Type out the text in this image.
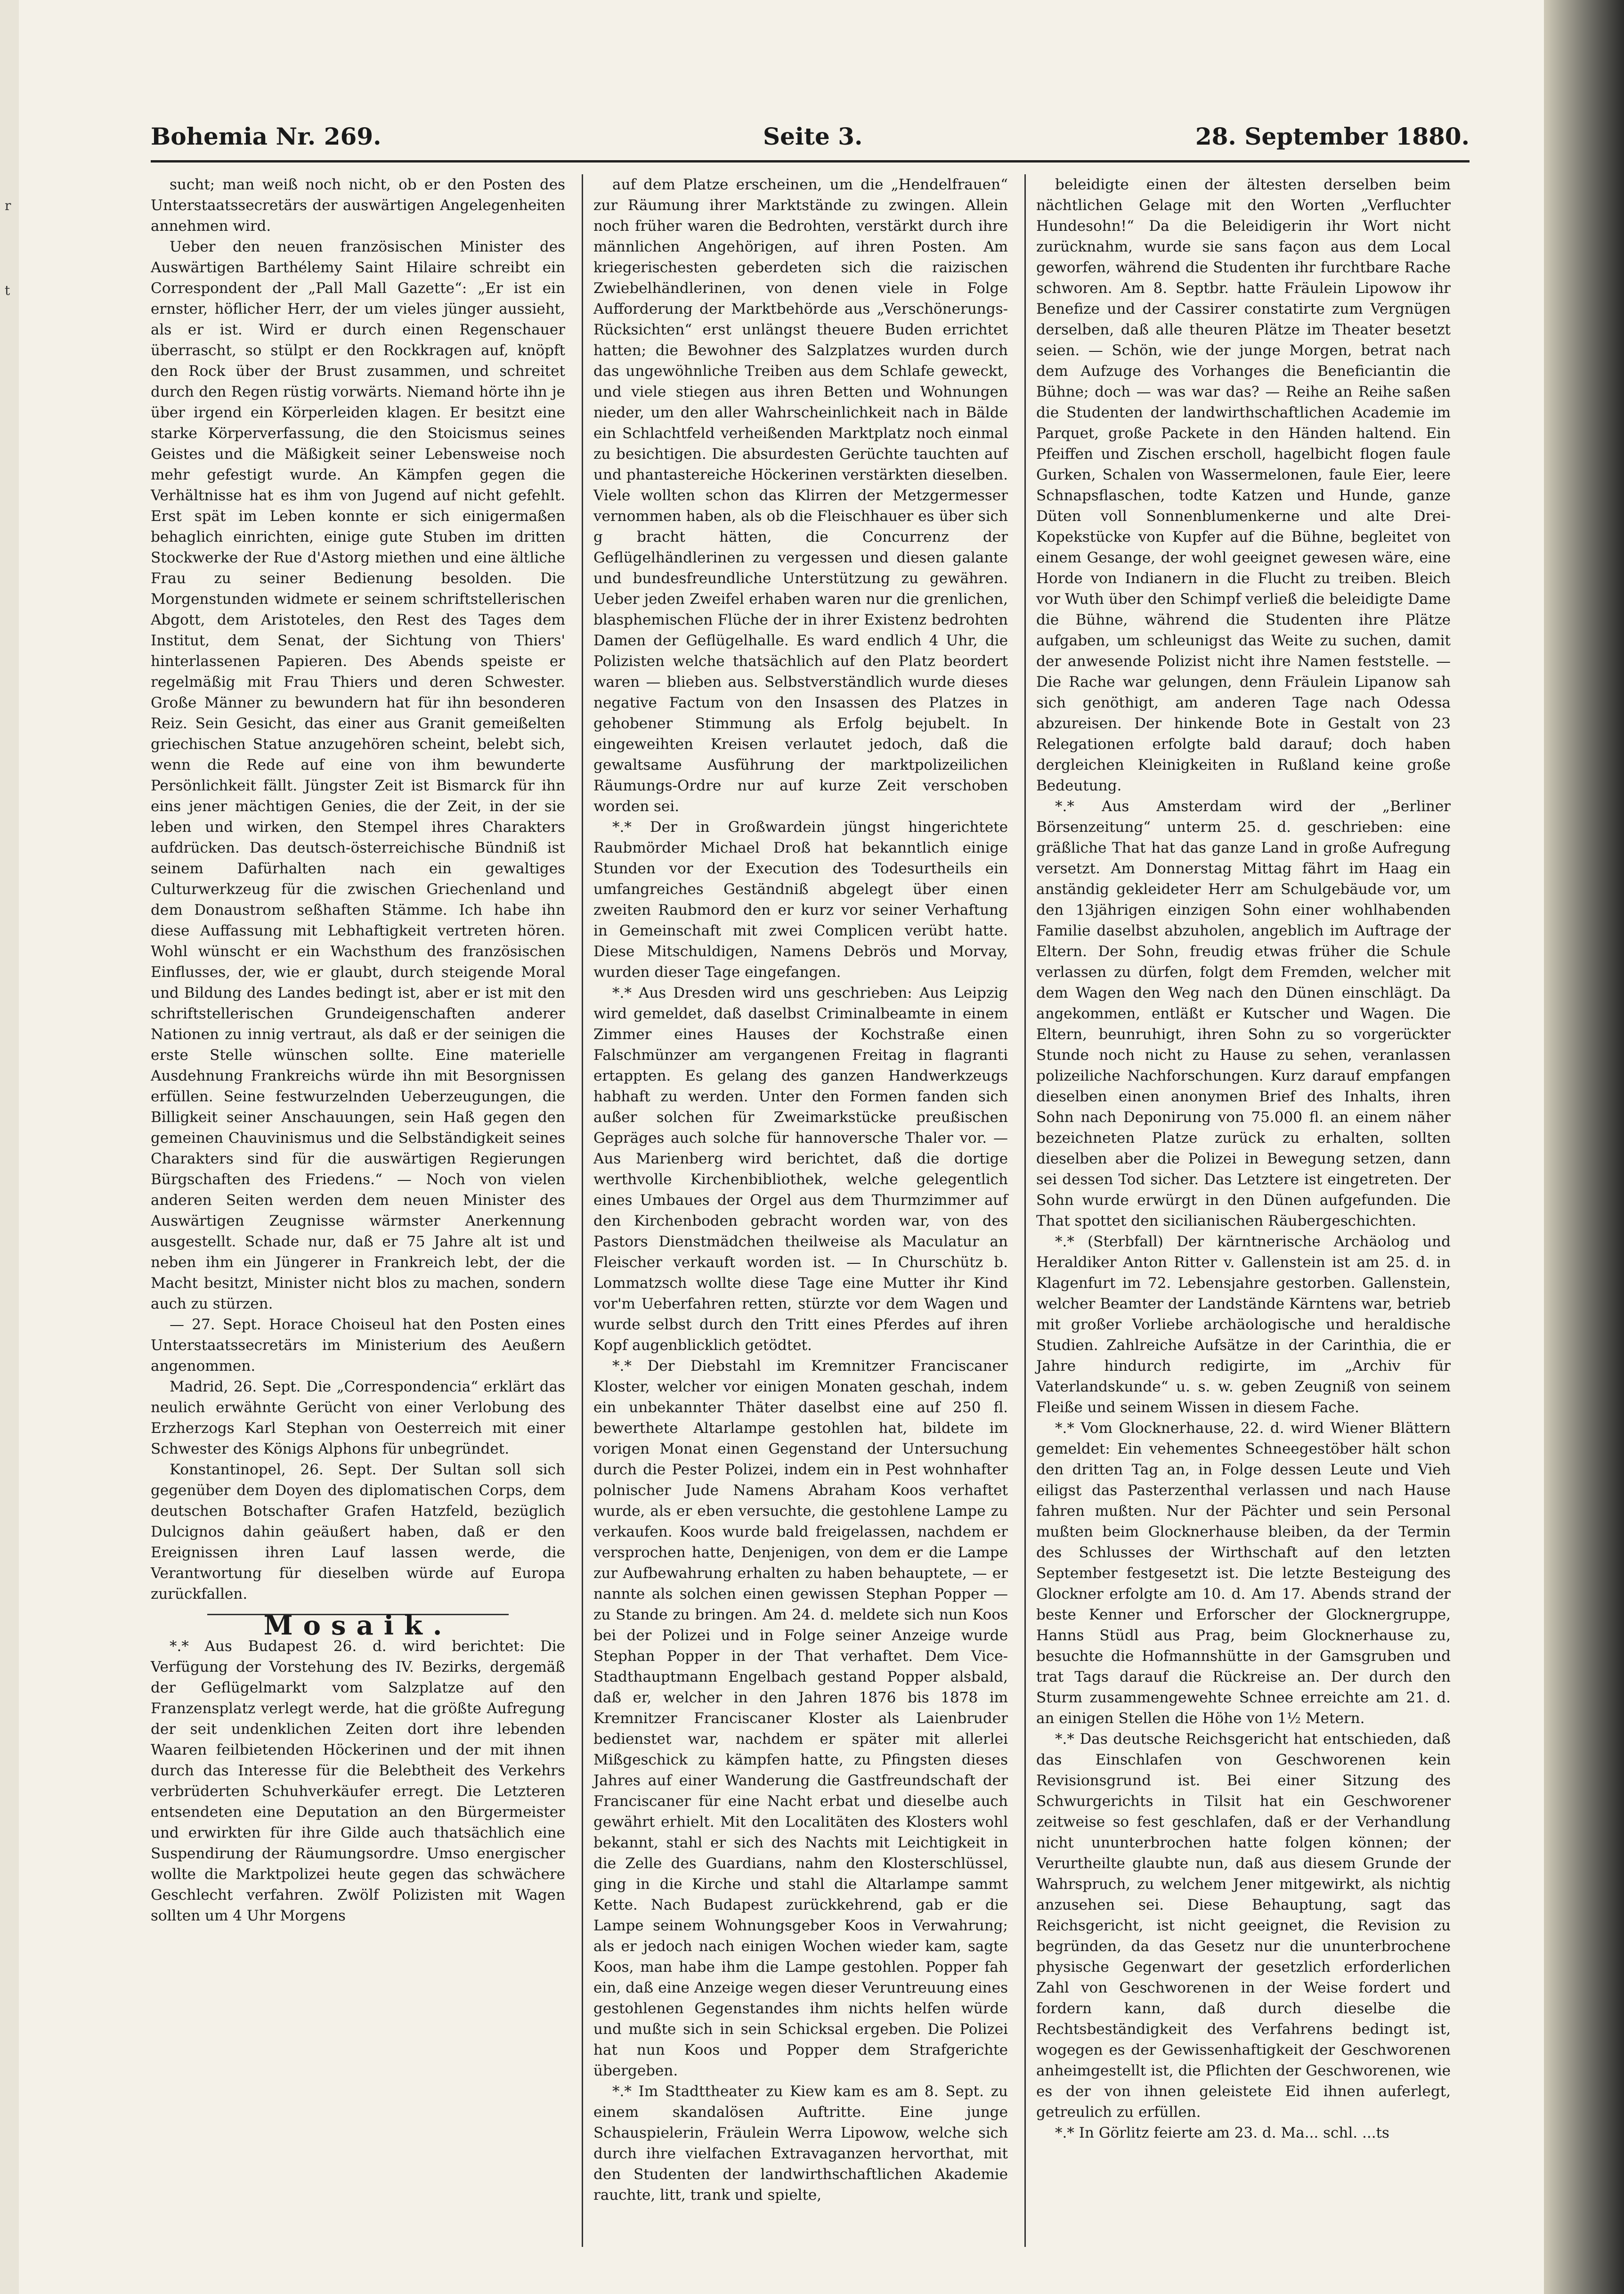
r
t
Bohemia Nr. 269.	Seite 3.	28. September 1880.

sucht; man weiß noch nicht, ob er den Posten des Unterstaatssecretärs der auswärtigen Angelegenheiten annehmen wird.

Ueber den neuen französischen Minister des Auswärtigen Barthélemy Saint Hilaire schreibt ein Correspondent der „Pall Mall Gazette“: „Er ist ein ernster, höflicher Herr, der um vieles jünger aussieht, als er ist. Wird er durch einen Regenschauer überrascht, so stülpt er den Rockkragen auf, knöpft den Rock über der Brust zusammen, und schreitet durch den Regen rüstig vorwärts. Niemand hörte ihn je über irgend ein Körperleiden klagen. Er besitzt eine starke Körperverfassung, die den Stoicismus seines Geistes und die Mäßigkeit seiner Lebensweise noch mehr gefestigt wurde. An Kämpfen gegen die Verhältnisse hat es ihm von Jugend auf nicht gefehlt. Erst spät im Leben konnte er sich einigermaßen behaglich einrichten, einige gute Stuben im dritten Stockwerke der Rue d'Astorg miethen und eine ältliche Frau zu seiner Bedienung besolden. Die Morgenstunden widmete er seinem schriftstellerischen Abgott, dem Aristoteles, den Rest des Tages dem Institut, dem Senat, der Sichtung von Thiers' hinterlassenen Papieren. Des Abends speiste er regelmäßig mit Frau Thiers und deren Schwester. Große Männer zu bewundern hat für ihn besonderen Reiz. Sein Gesicht, das einer aus Granit gemeißelten griechischen Statue anzugehören scheint, belebt sich, wenn die Rede auf eine von ihm bewunderte Persönlichkeit fällt. Jüngster Zeit ist Bismarck für ihn eins jener mächtigen Genies, die der Zeit, in der sie leben und wirken, den Stempel ihres Charakters aufdrücken. Das deutsch-österreichische Bündniß ist seinem Dafürhalten nach ein gewaltiges Culturwerkzeug für die zwischen Griechenland und dem Donaustrom seßhaften Stämme. Ich habe ihn diese Auffassung mit Lebhaftigkeit vertreten hören. Wohl wünscht er ein Wachsthum des französischen Einflusses, der, wie er glaubt, durch steigende Moral und Bildung des Landes bedingt ist, aber er ist mit den schriftstellerischen Grundeigenschaften anderer Nationen zu innig vertraut, als daß er der seinigen die erste Stelle wünschen sollte. Eine materielle Ausdehnung Frankreichs würde ihn mit Besorgnissen erfüllen. Seine festwurzelnden Ueberzeugungen, die Billigkeit seiner Anschauungen, sein Haß gegen den gemeinen Chauvinismus und die Selbständigkeit seines Charakters sind für die auswärtigen Regierungen Bürgschaften des Friedens.“ — Noch von vielen anderen Seiten werden dem neuen Minister des Auswärtigen Zeugnisse wärmster Anerkennung ausgestellt. Schade nur, daß er 75 Jahre alt ist und neben ihm ein Jüngerer in Frankreich lebt, der die Macht besitzt, Minister nicht blos zu machen, sondern auch zu stürzen.

— 27. Sept. Horace Choiseul hat den Posten eines Unterstaatssecretärs im Ministerium des Aeußern angenommen.

Madrid, 26. Sept. Die „Correspondencia“ erklärt das neulich erwähnte Gerücht von einer Verlobung des Erzherzogs Karl Stephan von Oesterreich mit einer Schwester des Königs Alphons für unbegründet.

Konstantinopel, 26. Sept. Der Sultan soll sich gegenüber dem Doyen des diplomatischen Corps, dem deutschen Botschafter Grafen Hatzfeld, bezüglich Dulcignos dahin geäußert haben, daß er den Ereignissen ihren Lauf lassen werde, die Verantwortung für dieselben würde auf Europa zurückfallen.

Mosaik.

*.* Aus Budapest 26. d. wird berichtet: Die Verfügung der Vorstehung des IV. Bezirks, dergemäß der Geflügelmarkt vom Salzplatze auf den Franzensplatz verlegt werde, hat die größte Aufregung der seit undenklichen Zeiten dort ihre lebenden Waaren feilbietenden Höckerinen und der mit ihnen durch das Interesse für die Belebtheit des Verkehrs verbrüderten Schuhverkäufer erregt. Die Letzteren entsendeten eine Deputation an den Bürgermeister und erwirkten für ihre Gilde auch thatsächlich eine Suspendirung der Räumungsordre. Umso energischer wollte die Marktpolizei heute gegen das schwächere Geschlecht verfahren. Zwölf Polizisten mit Wagen sollten um 4 Uhr Morgens

auf dem Platze erscheinen, um die „Hendelfrauen“ zur Räumung ihrer Marktstände zu zwingen. Allein noch früher waren die Bedrohten, verstärkt durch ihre männlichen Angehörigen, auf ihren Posten. Am kriegerischesten geberdeten sich die raizischen Zwiebelhändlerinen, von denen viele in Folge Aufforderung der Marktbehörde aus „Verschönerungs-Rücksichten“ erst unlängst theuere Buden errichtet hatten; die Bewohner des Salzplatzes wurden durch das ungewöhnliche Treiben aus dem Schlafe geweckt, und viele stiegen aus ihren Betten und Wohnungen nieder, um den aller Wahrscheinlichkeit nach in Bälde ein Schlachtfeld verheißenden Marktplatz noch einmal zu besichtigen. Die absurdesten Gerüchte tauchten auf und phantastereiche Höckerinen verstärkten dieselben. Viele wollten schon das Klirren der Metzgermesser vernommen haben, als ob die Fleischhauer es über sich g bracht hätten, die Concurrenz der Geflügelhändlerinen zu vergessen und diesen galante und bundesfreundliche Unterstützung zu gewähren. Ueber jeden Zweifel erhaben waren nur die grenlichen, blasphemischen Flüche der in ihrer Existenz bedrohten Damen der Geflügelhalle. Es ward endlich 4 Uhr, die Polizisten welche thatsächlich auf den Platz beordert waren — blieben aus. Selbstverständlich wurde dieses negative Factum von den Insassen des Platzes in gehobener Stimmung als Erfolg bejubelt. In eingeweihten Kreisen verlautet jedoch, daß die gewaltsame Ausführung der marktpolizeilichen Räumungs-Ordre nur auf kurze Zeit verschoben worden sei.

*.* Der in Großwardein jüngst hingerichtete Raubmörder Michael Droß hat bekanntlich einige Stunden vor der Execution des Todesurtheils ein umfangreiches Geständniß abgelegt über einen zweiten Raubmord den er kurz vor seiner Verhaftung in Gemeinschaft mit zwei Complicen verübt hatte. Diese Mitschuldigen, Namens Debrös und Morvay, wurden dieser Tage eingefangen.

*.* Aus Dresden wird uns geschrieben: Aus Leipzig wird gemeldet, daß daselbst Criminalbeamte in einem Zimmer eines Hauses der Kochstraße einen Falschmünzer am vergangenen Freitag in flagranti ertappten. Es gelang des ganzen Handwerkzeugs habhaft zu werden. Unter den Formen fanden sich außer solchen für Zweimarkstücke preußischen Gepräges auch solche für hannoversche Thaler vor. — Aus Marienberg wird berichtet, daß die dortige werthvolle Kirchenbibliothek, welche gelegentlich eines Umbaues der Orgel aus dem Thurmzimmer auf den Kirchenboden gebracht worden war, von des Pastors Dienstmädchen theilweise als Maculatur an Fleischer verkauft worden ist. — In Churschütz b. Lommatzsch wollte diese Tage eine Mutter ihr Kind vor'm Ueberfahren retten, stürzte vor dem Wagen und wurde selbst durch den Tritt eines Pferdes auf ihren Kopf augenblicklich getödtet.

*.* Der Diebstahl im Kremnitzer Franciscaner Kloster, welcher vor einigen Monaten geschah, indem ein unbekannter Thäter daselbst eine auf 250 fl. bewerthete Altarlampe gestohlen hat, bildete im vorigen Monat einen Gegenstand der Untersuchung durch die Pester Polizei, indem ein in Pest wohnhafter polnischer Jude Namens Abraham Koos verhaftet wurde, als er eben versuchte, die gestohlene Lampe zu verkaufen. Koos wurde bald freigelassen, nachdem er versprochen hatte, Denjenigen, von dem er die Lampe zur Aufbewahrung erhalten zu haben behauptete, — er nannte als solchen einen gewissen Stephan Popper — zu Stande zu bringen. Am 24. d. meldete sich nun Koos bei der Polizei und in Folge seiner Anzeige wurde Stephan Popper in der That verhaftet. Dem Vice-Stadthauptmann Engelbach gestand Popper alsbald, daß er, welcher in den Jahren 1876 bis 1878 im Kremnitzer Franciscaner Kloster als Laienbruder bedienstet war, nachdem er später mit allerlei Mißgeschick zu kämpfen hatte, zu Pfingsten dieses Jahres auf einer Wanderung die Gastfreundschaft der Franciscaner für eine Nacht erbat und dieselbe auch gewährt erhielt. Mit den Localitäten des Klosters wohl bekannt, stahl er sich des Nachts mit Leichtigkeit in die Zelle des Guardians, nahm den Klosterschlüssel, ging in die Kirche und stahl die Altarlampe sammt Kette. Nach Budapest zurückkehrend, gab er die Lampe seinem Wohnungsgeber Koos in Verwahrung; als er jedoch nach einigen Wochen wieder kam, sagte Koos, man habe ihm die Lampe gestohlen. Popper fah ein, daß eine Anzeige wegen dieser Veruntreuung eines gestohlenen Gegenstandes ihm nichts helfen würde und mußte sich in sein Schicksal ergeben. Die Polizei hat nun Koos und Popper dem Strafgerichte übergeben.

*.* Im Stadttheater zu Kiew kam es am 8. Sept. zu einem skandalösen Auftritte. Eine junge Schauspielerin, Fräulein Werra Lipowow, welche sich durch ihre vielfachen Extravaganzen hervorthat, mit den Studenten der landwirthschaftlichen Akademie rauchte, litt, trank und spielte,

beleidigte einen der ältesten derselben beim nächtlichen Gelage mit den Worten „Verfluchter Hundesohn!“ Da die Beleidigerin ihr Wort nicht zurücknahm, wurde sie sans façon aus dem Local geworfen, während die Studenten ihr furchtbare Rache schworen. Am 8. Septbr. hatte Fräulein Lipowow ihr Benefize und der Cassirer constatirte zum Vergnügen derselben, daß alle theuren Plätze im Theater besetzt seien. — Schön, wie der junge Morgen, betrat nach dem Aufzuge des Vorhanges die Beneficiantin die Bühne; doch — was war das? — Reihe an Reihe saßen die Studenten der landwirthschaftlichen Academie im Parquet, große Packete in den Händen haltend. Ein Pfeiffen und Zischen erscholl, hagelbicht flogen faule Gurken, Schalen von Wassermelonen, faule Eier, leere Schnapsflaschen, todte Katzen und Hunde, ganze Düten voll Sonnenblumenkerne und alte Drei-Kopekstücke von Kupfer auf die Bühne, begleitet von einem Gesange, der wohl geeignet gewesen wäre, eine Horde von Indianern in die Flucht zu treiben. Bleich vor Wuth über den Schimpf verließ die beleidigte Dame die Bühne, während die Studenten ihre Plätze aufgaben, um schleunigst das Weite zu suchen, damit der anwesende Polizist nicht ihre Namen feststelle. — Die Rache war gelungen, denn Fräulein Lipanow sah sich genöthigt, am anderen Tage nach Odessa abzureisen. Der hinkende Bote in Gestalt von 23 Relegationen erfolgte bald darauf; doch haben dergleichen Kleinigkeiten in Rußland keine große Bedeutung.

*.* Aus Amsterdam wird der „Berliner Börsenzeitung“ unterm 25. d. geschrieben: eine gräßliche That hat das ganze Land in große Aufregung versetzt. Am Donnerstag Mittag fährt im Haag ein anständig gekleideter Herr am Schulgebäude vor, um den 13jährigen einzigen Sohn einer wohlhabenden Familie daselbst abzuholen, angeblich im Auftrage der Eltern. Der Sohn, freudig etwas früher die Schule verlassen zu dürfen, folgt dem Fremden, welcher mit dem Wagen den Weg nach den Dünen einschlägt. Da angekommen, entläßt er Kutscher und Wagen. Die Eltern, beunruhigt, ihren Sohn zu so vorgerückter Stunde noch nicht zu Hause zu sehen, veranlassen polizeiliche Nachforschungen. Kurz darauf empfangen dieselben einen anonymen Brief des Inhalts, ihren Sohn nach Deponirung von 75.000 fl. an einem näher bezeichneten Platze zurück zu erhalten, sollten dieselben aber die Polizei in Bewegung setzen, dann sei dessen Tod sicher. Das Letztere ist eingetreten. Der Sohn wurde erwürgt in den Dünen aufgefunden. Die That spottet den sicilianischen Räubergeschichten.

*.* (Sterbfall) Der kärntnerische Archäolog und Heraldiker Anton Ritter v. Gallenstein ist am 25. d. in Klagenfurt im 72. Lebensjahre gestorben. Gallenstein, welcher Beamter der Landstände Kärntens war, betrieb mit großer Vorliebe archäologische und heraldische Studien. Zahlreiche Aufsätze in der Carinthia, die er Jahre hindurch redigirte, im „Archiv für Vaterlandskunde“ u. s. w. geben Zeugniß von seinem Fleiße und seinem Wissen in diesem Fache.

*.* Vom Glocknerhause, 22. d. wird Wiener Blättern gemeldet: Ein vehementes Schneegestöber hält schon den dritten Tag an, in Folge dessen Leute und Vieh eiligst das Pasterzenthal verlassen und nach Hause fahren mußten. Nur der Pächter und sein Personal mußten beim Glocknerhause bleiben, da der Termin des Schlusses der Wirthschaft auf den letzten September festgesetzt ist. Die letzte Besteigung des Glockner erfolgte am 10. d. Am 17. Abends strand der beste Kenner und Erforscher der Glocknergruppe, Hanns Stüdl aus Prag, beim Glocknerhause zu, besuchte die Hofmannshütte in der Gamsgruben und trat Tags darauf die Rückreise an. Der durch den Sturm zusammengewehte Schnee erreichte am 21. d. an einigen Stellen die Höhe von 1½ Metern.

*.* Das deutsche Reichsgericht hat entschieden, daß das Einschlafen von Geschworenen kein Revisionsgrund ist. Bei einer Sitzung des Schwurgerichts in Tilsit hat ein Geschworener zeitweise so fest geschlafen, daß er der Verhandlung nicht ununterbrochen hatte folgen können; der Verurtheilte glaubte nun, daß aus diesem Grunde der Wahrspruch, zu welchem Jener mitgewirkt, als nichtig anzusehen sei. Diese Behauptung, sagt das Reichsgericht, ist nicht geeignet, die Revision zu begründen, da das Gesetz nur die ununterbrochene physische Gegenwart der gesetzlich erforderlichen Zahl von Geschworenen in der Weise fordert und fordern kann, daß durch dieselbe die Rechtsbeständigkeit des Verfahrens bedingt ist, wogegen es der Gewissenhaftigkeit der Geschworenen anheimgestellt ist, die Pflichten der Geschworenen, wie es der von ihnen geleistete Eid ihnen auferlegt, getreulich zu erfüllen.

*.* In Görlitz feierte am 23. d. Ma... schl. ...ts
